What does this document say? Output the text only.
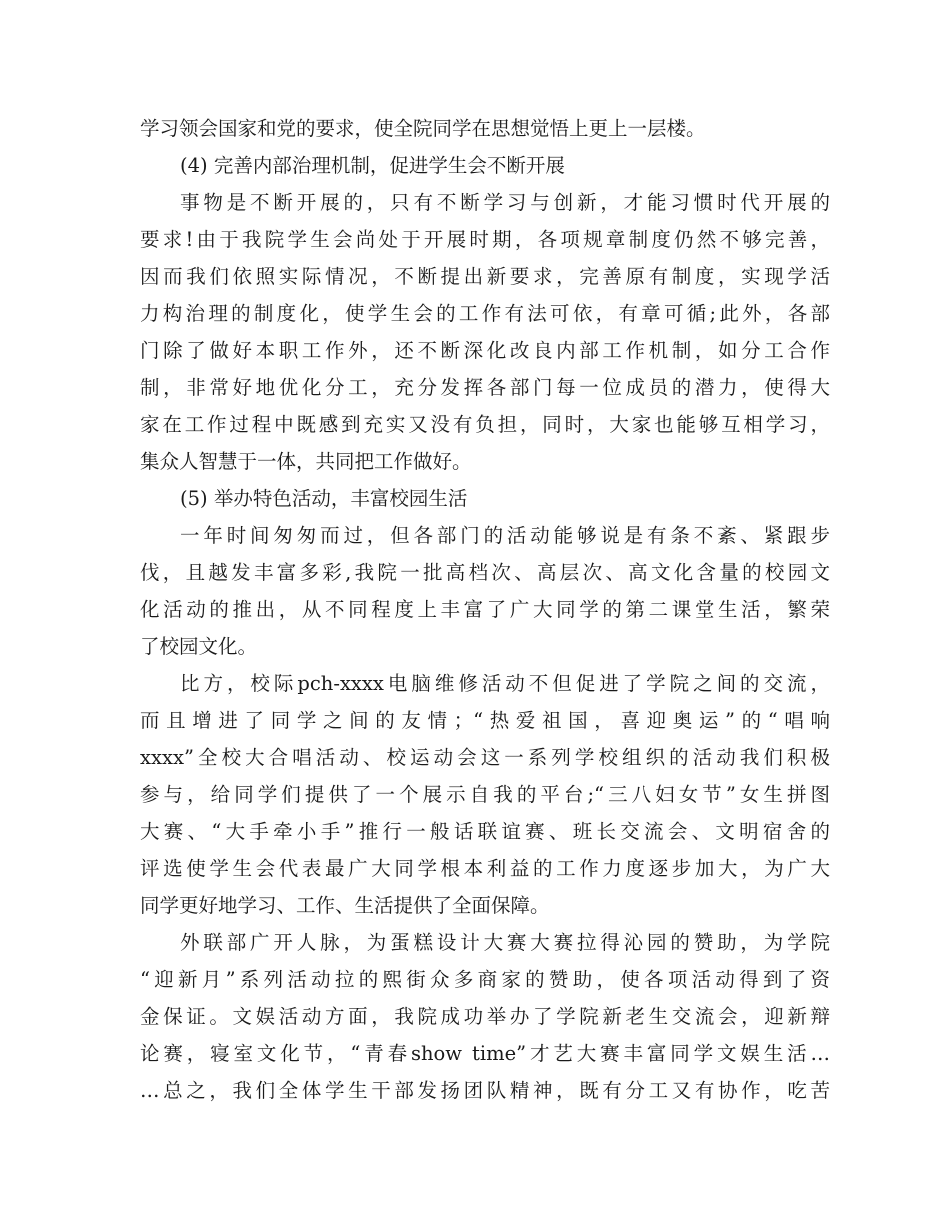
学习领会国家和党的要求，使全院同学在思想觉悟上更上一层楼。
(4) 完善内部治理机制，促进学生会不断开展
事物是不断开展的，只有不断学习与创新，才能习惯时代开展的
要求!由于我院学生会尚处于开展时期，各项规章制度仍然不够完善，
因而我们依照实际情况，不断提出新要求，完善原有制度，实现学活
力构治理的制度化，使学生会的工作有法可依，有章可循;此外，各部
门除了做好本职工作外，还不断深化改良内部工作机制，如分工合作
制，非常好地优化分工，充分发挥各部门每一位成员的潜力，使得大
家在工作过程中既感到充实又没有负担，同时，大家也能够互相学习，
集众人智慧于一体，共同把工作做好。
(5) 举办特色活动，丰富校园生活
一年时间匆匆而过，但各部门的活动能够说是有条不紊、紧跟步
伐，且越发丰富多彩,我院一批高档次、高层次、高文化含量的校园文
化活动的推出，从不同程度上丰富了广大同学的第二课堂生活，繁荣
了校园文化。
比方，校际pch-xxxx电脑维修活动不但促进了学院之间的交流，
而且增进了同学之间的友情；“热爱祖国，喜迎奥运”的“唱响
xxxx”全校大合唱活动、校运动会这一系列学校组织的活动我们积极
参与，给同学们提供了一个展示自我的平台;“三八妇女节”女生拼图
大赛、“大手牵小手”推行一般话联谊赛、班长交流会、文明宿舍的
评选使学生会代表最广大同学根本利益的工作力度逐步加大，为广大
同学更好地学习、工作、生活提供了全面保障。
外联部广开人脉，为蛋糕设计大赛大赛拉得沁园的赞助，为学院
“迎新月”系列活动拉的熙街众多商家的赞助，使各项活动得到了资
金保证。文娱活动方面，我院成功举办了学院新老生交流会，迎新辩
论赛，寝室文化节，“青春show time”才艺大赛丰富同学文娱生活…
…总之，我们全体学生干部发扬团队精神，既有分工又有协作，吃苦
